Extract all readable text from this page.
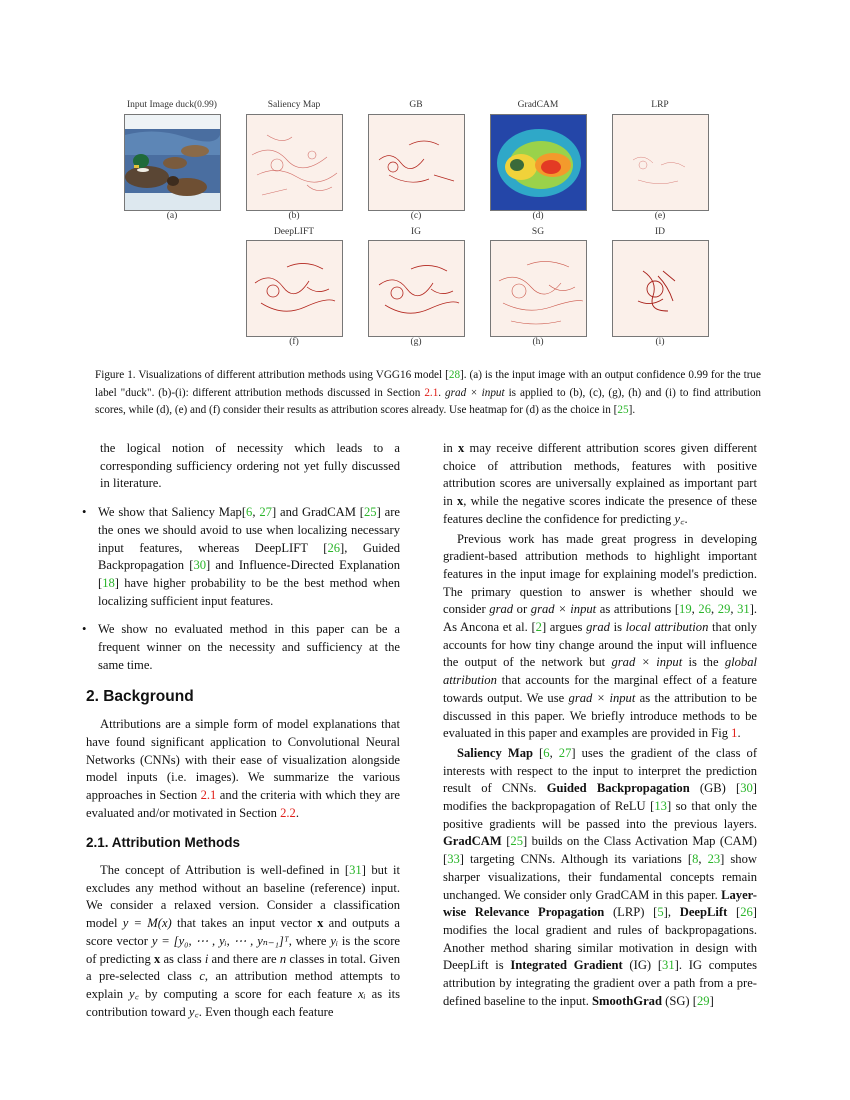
Input Image duck(0.99)	Saliency Map	GB	GradCAM	LRP
(a)	(b)	(c)	(d)	(e)
DeepLIFT	IG	SG	ID
(f)	(g)	(h)	(i)
Figure 1. Visualizations of different attribution methods using VGG16 model [28]. (a) is the input image with an output confidence 0.99 for the true label "duck". (b)-(i): different attribution methods discussed in Section 2.1. grad × input is applied to (b), (c), (g), (h) and (i) to find attribution scores, while (d), (e) and (f) consider their results as attribution scores already. Use heatmap for (d) as the choice in [25].

the logical notion of necessity which leads to a corresponding sufficiency ordering not yet fully discussed in literature.

• We show that Saliency Map[6, 27] and GradCAM [25] are the ones we should avoid to use when localizing necessary input features, whereas DeepLIFT [26], Guided Backpropagation [30] and Influence-Directed Explanation [18] have higher probability to be the best method when localizing sufficient input features.

• We show no evaluated method in this paper can be a frequent winner on the necessity and sufficiency at the same time.

2. Background

Attributions are a simple form of model explanations that have found significant application to Convolutional Neural Networks (CNNs) with their ease of visualization alongside model inputs (i.e. images). We summarize the various approaches in Section 2.1 and the criteria with which they are evaluated and/or motivated in Section 2.2.

2.1. Attribution Methods

The concept of Attribution is well-defined in [31] but it excludes any method without an baseline (reference) input. We consider a relaxed version. Consider a classification model y = M(x) that takes an input vector x and outputs a score vector y = [y₀, ⋯ , yᵢ, ⋯ , yₙ₋₁]ᵀ, where yᵢ is the score of predicting x as class i and there are n classes in total. Given a pre-selected class c, an attribution method attempts to explain y꜀ by computing a score for each feature xᵢ as its contribution toward y꜀. Even though each feature

in x may receive different attribution scores given different choice of attribution methods, features with positive attribution scores are universally explained as important part in x, while the negative scores indicate the presence of these features decline the confidence for predicting y꜀.

Previous work has made great progress in developing gradient-based attribution methods to highlight important features in the input image for explaining model's prediction. The primary question to answer is whether should we consider grad or grad × input as attributions [19, 26, 29, 31]. As Ancona et al. [2] argues grad is local attribution that only accounts for how tiny change around the input will influence the output of the network but grad × input is the global attribution that accounts for the marginal effect of a feature towards output. We use grad × input as the attribution to be discussed in this paper. We briefly introduce methods to be evaluated in this paper and examples are provided in Fig 1.

Saliency Map [6, 27] uses the gradient of the class of interests with respect to the input to interpret the prediction result of CNNs. Guided Backpropagation (GB) [30] modifies the backpropagation of ReLU [13] so that only the positive gradients will be passed into the previous layers. GradCAM [25] builds on the Class Activation Map (CAM) [33] targeting CNNs. Although its variations [8, 23] show sharper visualizations, their fundamental concepts remain unchanged. We consider only GradCAM in this paper. Layer-wise Relevance Propagation (LRP) [5], DeepLift [26] modifies the local gradient and rules of backpropagations. Another method sharing similar motivation in design with DeepLift is Integrated Gradient (IG) [31]. IG computes attribution by integrating the gradient over a path from a pre-defined baseline to the input. SmoothGrad (SG) [29]
